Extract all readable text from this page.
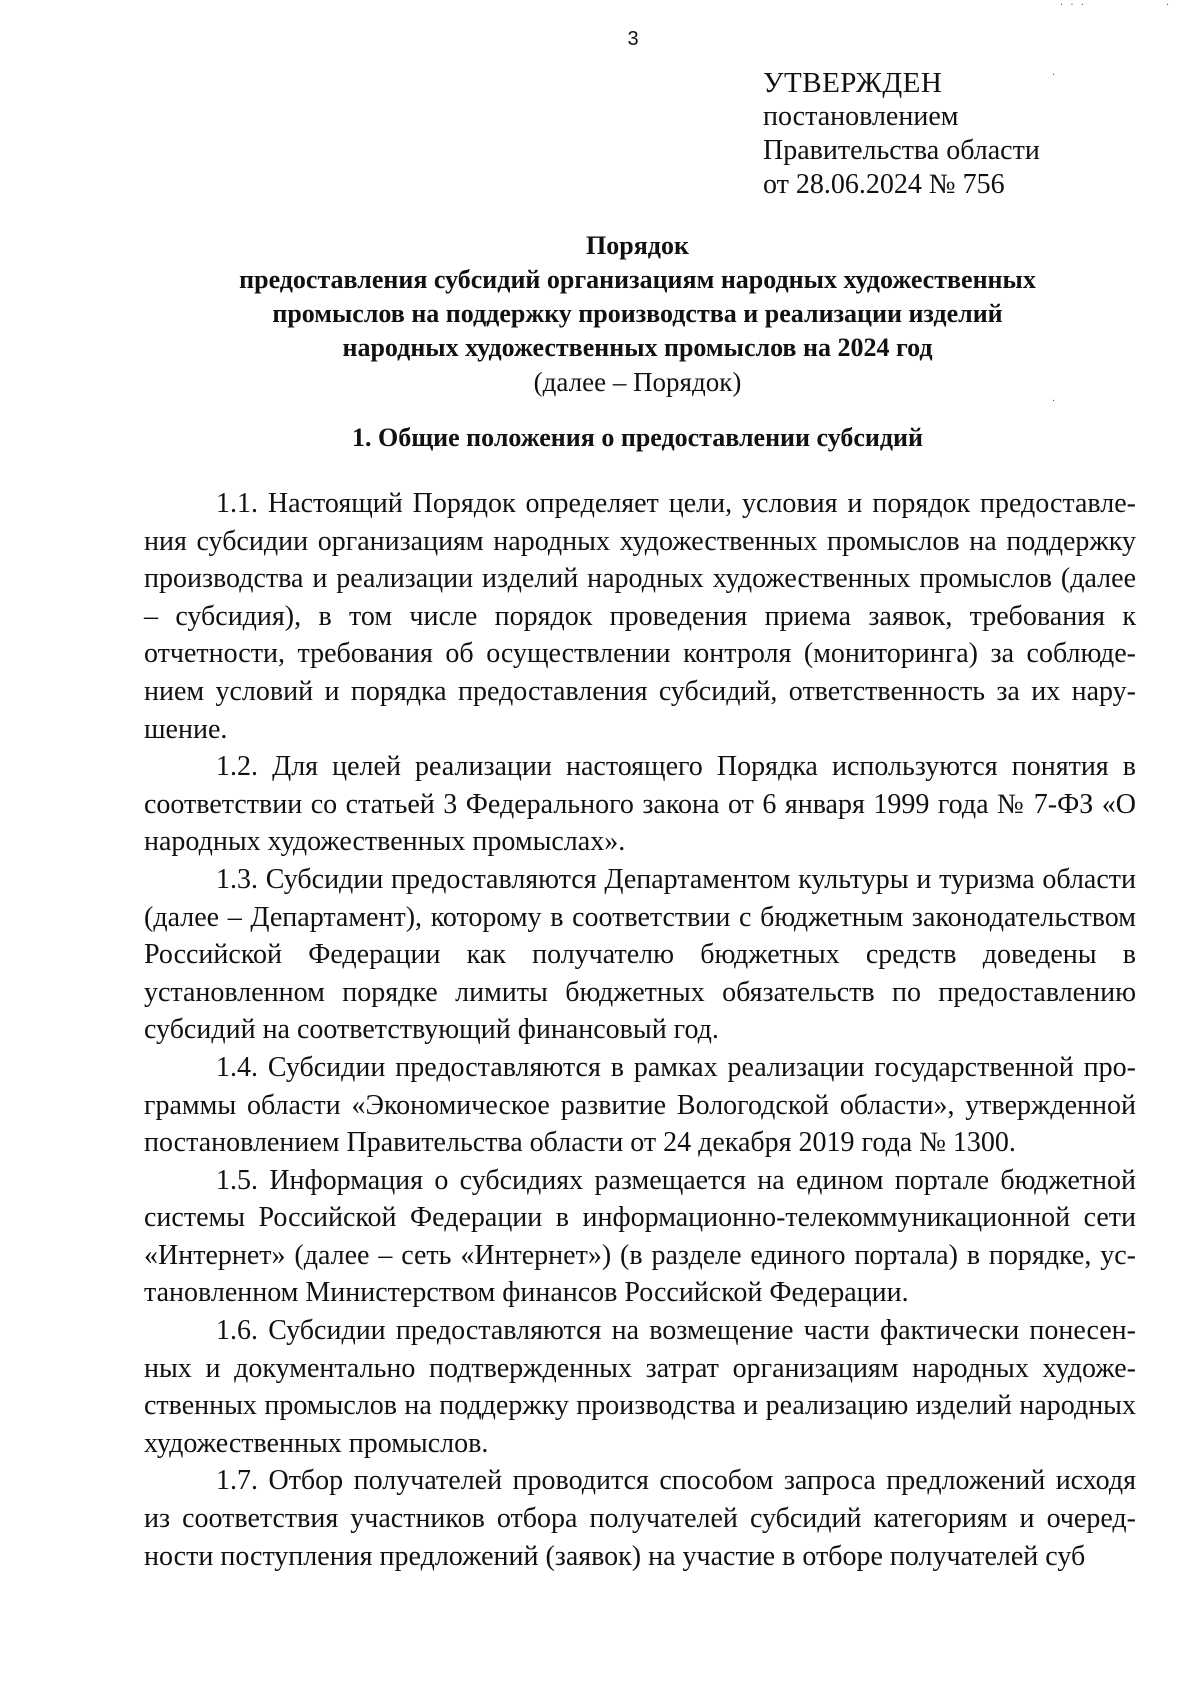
3
УТВЕРЖДЕН
постановлением
Правительства области
от 28.06.2024 № 756
Порядок
предоставления субсидий организациям народных художественных
промыслов на поддержку производства и реализации изделий
народных художественных промыслов на 2024 год
(далее – Порядок)
1. Общие положения о предоставлении субсидий

1.1. Настоящий Порядок определяет цели, условия и порядок предоставления субсидии организациям народных художественных промыслов на поддержку производства и реализации изделий народных художественных промыслов (далее – субсидия), в том числе порядок проведения приема заявок, требования к отчетности, требования об осуществлении контроля (мониторинга) за соблюдением условий и порядка предоставления субсидий, ответственность за их нарушение.

1.2. Для целей реализации настоящего Порядка используются понятия в соответствии со статьей 3 Федерального закона от 6 января 1999 года № 7-ФЗ «О народных художественных промыслах».

1.3. Субсидии предоставляются Департаментом культуры и туризма области (далее – Департамент), которому в соответствии с бюджетным законодательством Российской Федерации как получателю бюджетных средств доведены в установленном порядке лимиты бюджетных обязательств по предоставлению субсидий на соответствующий финансовый год.

1.4. Субсидии предоставляются в рамках реализации государственной программы области «Экономическое развитие Вологодской области», утвержденной постановлением Правительства области от 24 декабря 2019 года № 1300.

1.5. Информация о субсидиях размещается на едином портале бюджетной системы Российской Федерации в информационно-телекоммуникационной сети «Интернет» (далее – сеть «Интернет») (в разделе единого портала) в порядке, установленном Министерством финансов Российской Федерации.

1.6. Субсидии предоставляются на возмещение части фактически понесенных и документально подтвержденных затрат организациям народных художественных промыслов на поддержку производства и реализацию изделий народных художественных промыслов.

1.7. Отбор получателей проводится способом запроса предложений исходя из соответствия участников отбора получателей субсидий категориям и очередности поступления предложений (заявок) на участие в отборе получателей суб

· · ·	·
·
·
